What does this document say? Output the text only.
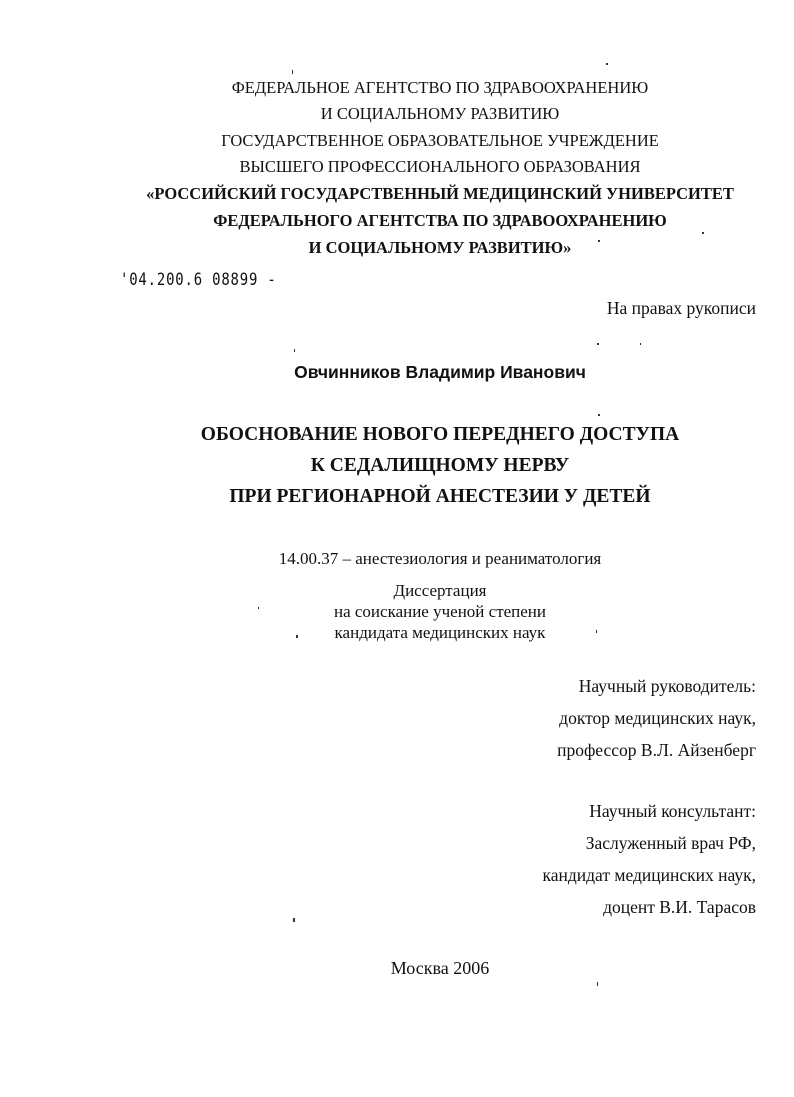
ФЕДЕРАЛЬНОЕ АГЕНТСТВО ПО ЗДРАВООХРАНЕНИЮ
И СОЦИАЛЬНОМУ РАЗВИТИЮ
ГОСУДАРСТВЕННОЕ ОБРАЗОВАТЕЛЬНОЕ УЧРЕЖДЕНИЕ
ВЫСШЕГО ПРОФЕССИОНАЛЬНОГО ОБРАЗОВАНИЯ
«РОССИЙСКИЙ ГОСУДАРСТВЕННЫЙ МЕДИЦИНСКИЙ УНИВЕРСИТЕТ
ФЕДЕРАЛЬНОГО АГЕНТСТВА ПО ЗДРАВООХРАНЕНИЮ
И СОЦИАЛЬНОМУ РАЗВИТИЮ»
'04.200.6 08899 -
На правах рукописи
Овчинников Владимир Иванович
ОБОСНОВАНИЕ НОВОГО ПЕРЕДНЕГО ДОСТУПА
К СЕДАЛИЩНОМУ НЕРВУ
ПРИ РЕГИОНАРНОЙ АНЕСТЕЗИИ У ДЕТЕЙ
14.00.37 – анестезиология и реаниматология
Диссертация
на соискание ученой степени
кандидата медицинских наук
Научный руководитель:
доктор медицинских наук,
профессор В.Л. Айзенберг
Научный консультант:
Заслуженный врач РФ,
кандидат медицинских наук,
доцент В.И. Тарасов
Москва 2006
